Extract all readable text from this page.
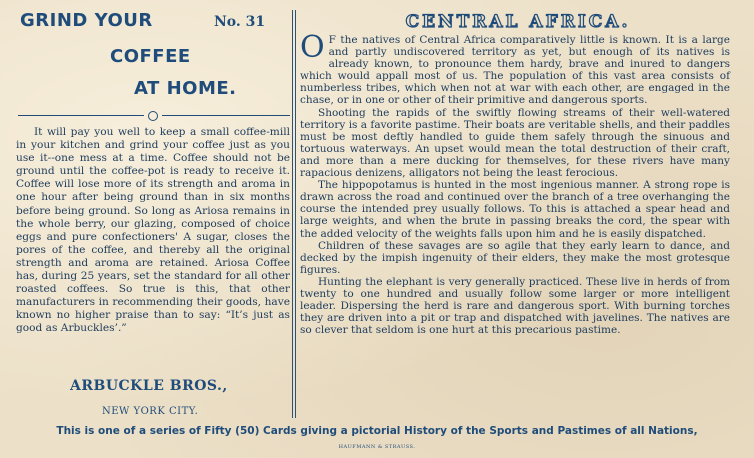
GRIND YOUR	No. 31
COFFEE
AT HOME.

It will pay you well to keep a small coffee-mill in your kitchen and grind your coffee just as you use it--one mess at a time. Coffee should not be ground until the coffee-pot is ready to receive it. Coffee will lose more of its strength and aroma in one hour after being ground than in six months before being ground. So long as Ariosa remains in the whole berry, our glazing, composed of choice eggs and pure confectioners' A sugar, closes the pores of the coffee, and thereby all the original strength and aroma are retained. Ariosa Coffee has, during 25 years, set the standard for all other roasted coffees. So true is this, that other manufacturers in recommending their goods, have known no higher praise than to say: “It’s just as good as Arbuckles’.”

ARBUCKLE BROS.,
NEW YORK CITY.
CENTRAL AFRICA.

O F the natives of Central Africa comparatively little is known. It is a large and partly undiscovered territory as yet, but enough of its natives is already known, to pronounce them hardy, brave and inured to dangers which would appall most of us. The population of this vast area consists of numberless tribes, which when not at war with each other, are engaged in the chase, or in one or other of their primitive and dangerous sports.

Shooting the rapids of the swiftly flowing streams of their well-watered territory is a favorite pastime. Their boats are veritable shells, and their paddles must be most deftly handled to guide them safely through the sinuous and tortuous waterways. An upset would mean the total destruction of their craft, and more than a mere ducking for themselves, for these rivers have many rapacious denizens, alligators not being the least ferocious.

The hippopotamus is hunted in the most ingenious manner. A strong rope is drawn across the road and continued over the branch of a tree overhanging the course the intended prey usually follows. To this is attached a spear head and large weights, and when the brute in passing breaks the cord, the spear with the added velocity of the weights falls upon him and he is easily dispatched.

Children of these savages are so agile that they early learn to dance, and decked by the impish ingenuity of their elders, they make the most grotesque figures.

Hunting the elephant is very generally practiced. These live in herds of from twenty to one hundred and usually follow some larger or more intelligent leader. Dispersing the herd is rare and dangerous sport. With burning torches they are driven into a pit or trap and dispatched with javelines. The natives are so clever that seldom is one hurt at this precarious pastime.

This is one of a series of Fifty (50) Cards giving a pictorial History of the Sports and Pastimes of all Nations,
HAUFMANN & STRAUSS.
